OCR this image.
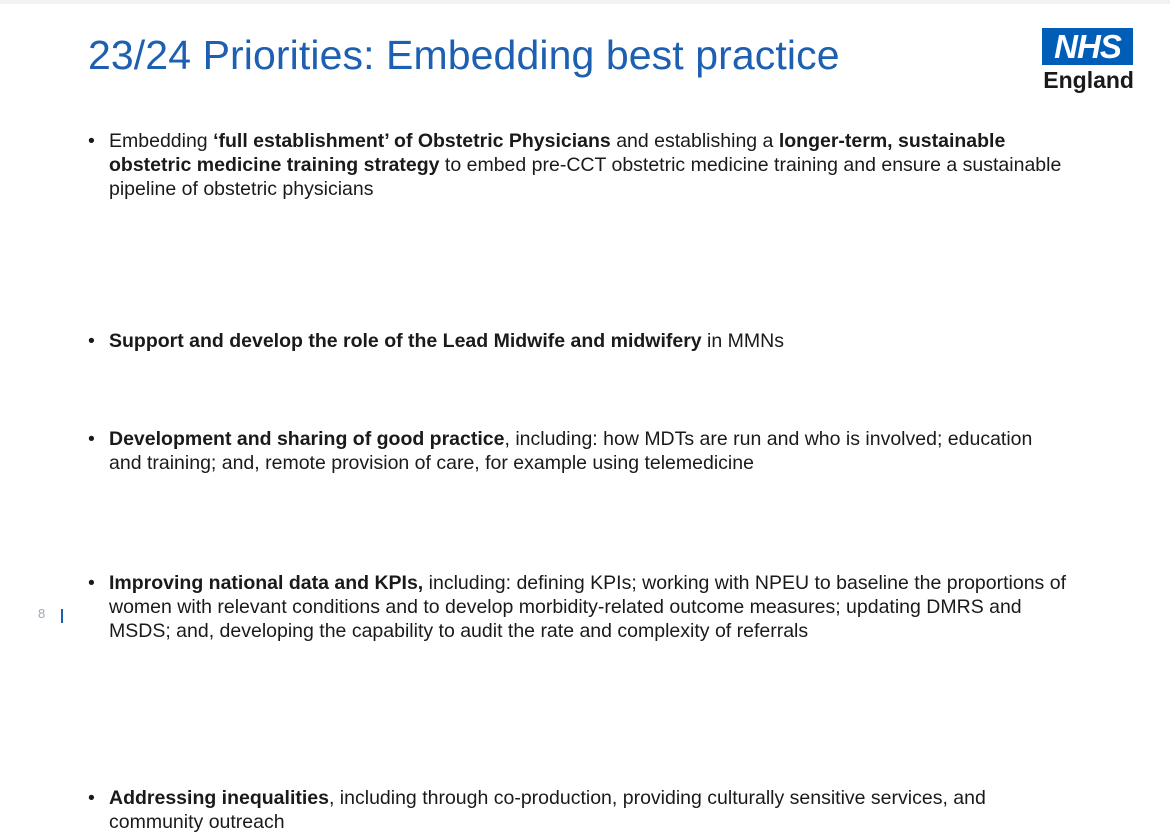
23/24 Priorities: Embedding best practice	NHS
England
• Embedding ‘full establishment’ of Obstetric Physicians and establishing a longer-term, sustainable obstetric medicine training strategy to embed pre-CCT obstetric medicine training and ensure a sustainable pipeline of obstetric physicians
• Support and develop the role of the Lead Midwife and midwifery in MMNs
• Development and sharing of good practice, including: how MDTs are run and who is involved; education and training; and, remote provision of care, for example using telemedicine
• Improving national data and KPIs, including: defining KPIs; working with NPEU to baseline the proportions of women with relevant conditions and to develop morbidity-related outcome measures; updating DMRS and MSDS; and, developing the capability to audit the rate and complexity of referrals
• Addressing inequalities, including through co-production, providing culturally sensitive services, and community outreach
8
